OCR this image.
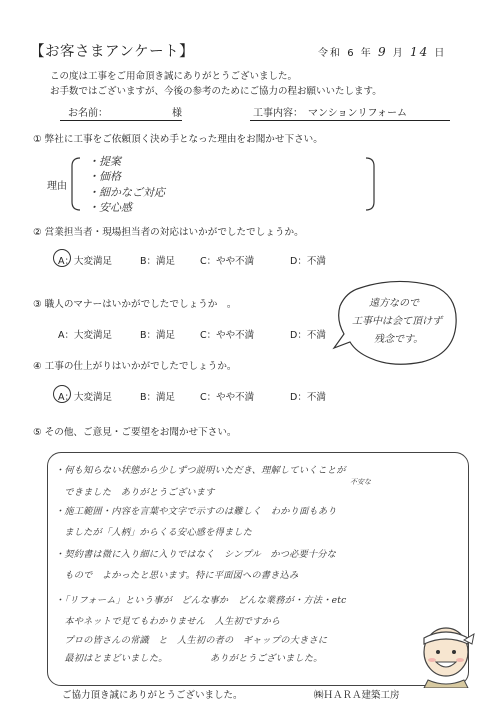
【お客さまアンケート】	令和 6 年 9 月 14 日
この度は工事をご用命頂き誠にありがとうございました。
お手数ではございますが、今後の参考のためにご協力の程お願いいたします。
お名前：	様	工事内容： マンションリフォーム
① 弊社に工事をご依頼頂く決め手となった理由をお聞かせ下さい。
理由
・提案
・価格
・細かなご対応
・安心感
② 営業担当者・現場担当者の対応はいかがでしたでしょうか。
A：大変満足	B：満足	C：やや不満	D：不満
③ 職人のマナーはいかがでしたでしょうか　。
A：大変満足	B：満足	C：やや不満	D：不満
遠方なので
工事中は会て頂けず
残念です。
④ 工事の仕上がりはいかがでしたでしょうか。
A：大変満足	B：満足	C：やや不満	D：不満
⑤ その他、ご意見・ご要望をお聞かせ下さい。
不安な
・何も知らない状態から少しずつ説明いただき、理解していくことが
　できました　ありがとうございます
・施工範囲・内容を言葉や文字で示すのは難しく　わかり面もあり
　ましたが「人柄」からくる安心感を得ました
・契約書は微に入り細に入りではなく　シンプル　かつ必要十分な
　もので　よかったと思います。特に平面図への書き込み
・「リフォーム」という事が　どんな事か　どんな業務が・方法・etc
　本やネットで見てもわかりません　人生初ですから
　プロの皆さんの常識　と　人生初の者の　ギャップの大きさに
　最初はとまどいました。　　　　　ありがとうございました。
ご協力頂き誠にありがとうございました。	㈱ＨＡＲＡ建築工房
